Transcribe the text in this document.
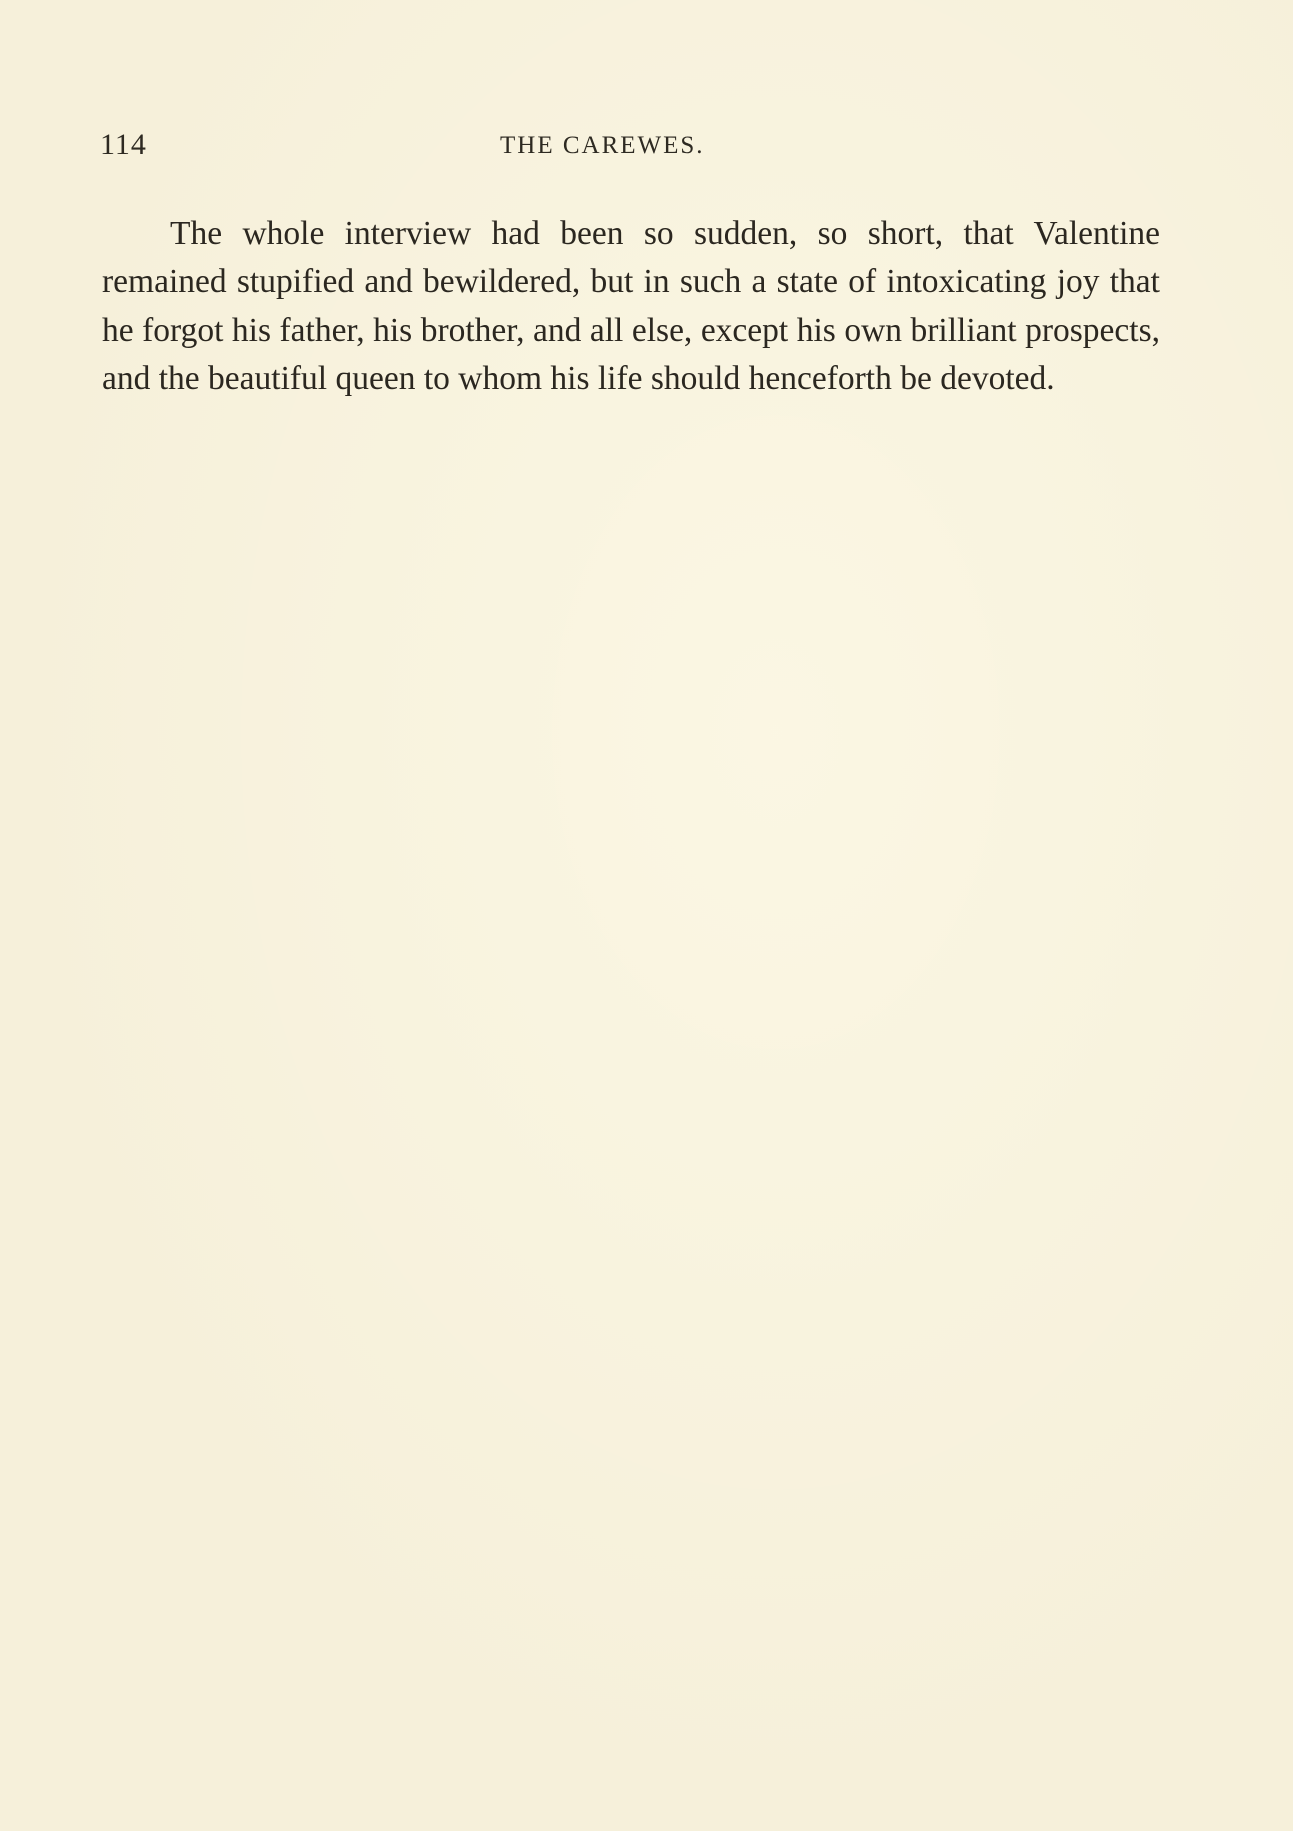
114	THE CAREWES.

The whole interview had been so sudden, so short, that Valentine remained stupified and bewildered, but in such a state of intoxicating joy that he forgot his father, his brother, and all else, except his own brilliant prospects, and the beautiful queen to whom his life should henceforth be devoted.
